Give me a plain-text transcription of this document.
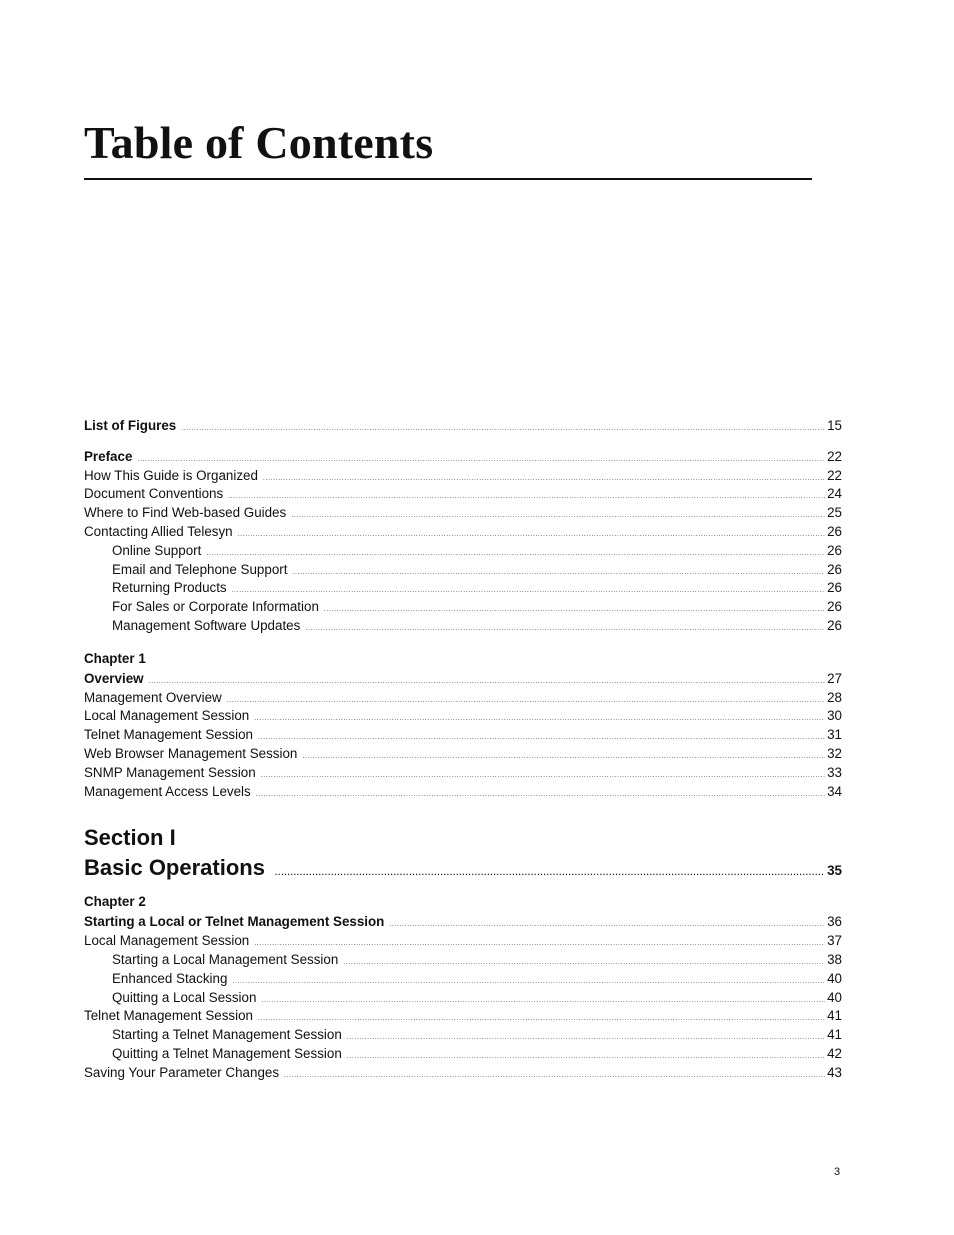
Table of Contents
List of Figures .....	15
Preface .....	22
How This Guide is Organized .....	22
Document Conventions .....	24
Where to Find Web-based Guides .....	25
Contacting Allied Telesyn .....	26
Online Support .....	26
Email and Telephone Support .....	26
Returning Products .....	26
For Sales or Corporate Information .....	26
Management Software Updates .....	26
Chapter 1
Overview .....	27
Management Overview .....	28
Local Management Session .....	30
Telnet Management Session .....	31
Web Browser Management Session .....	32
SNMP Management Session .....	33
Management Access Levels .....	34
Section I
Basic Operations .....	35
Chapter 2
Starting a Local or Telnet Management Session .....	36
Local Management Session .....	37
Starting a Local Management Session .....	38
Enhanced Stacking .....	40
Quitting a Local Session .....	40
Telnet Management Session .....	41
Starting a Telnet Management Session .....	41
Quitting a Telnet Management Session .....	42
Saving Your Parameter Changes .....	43
3
